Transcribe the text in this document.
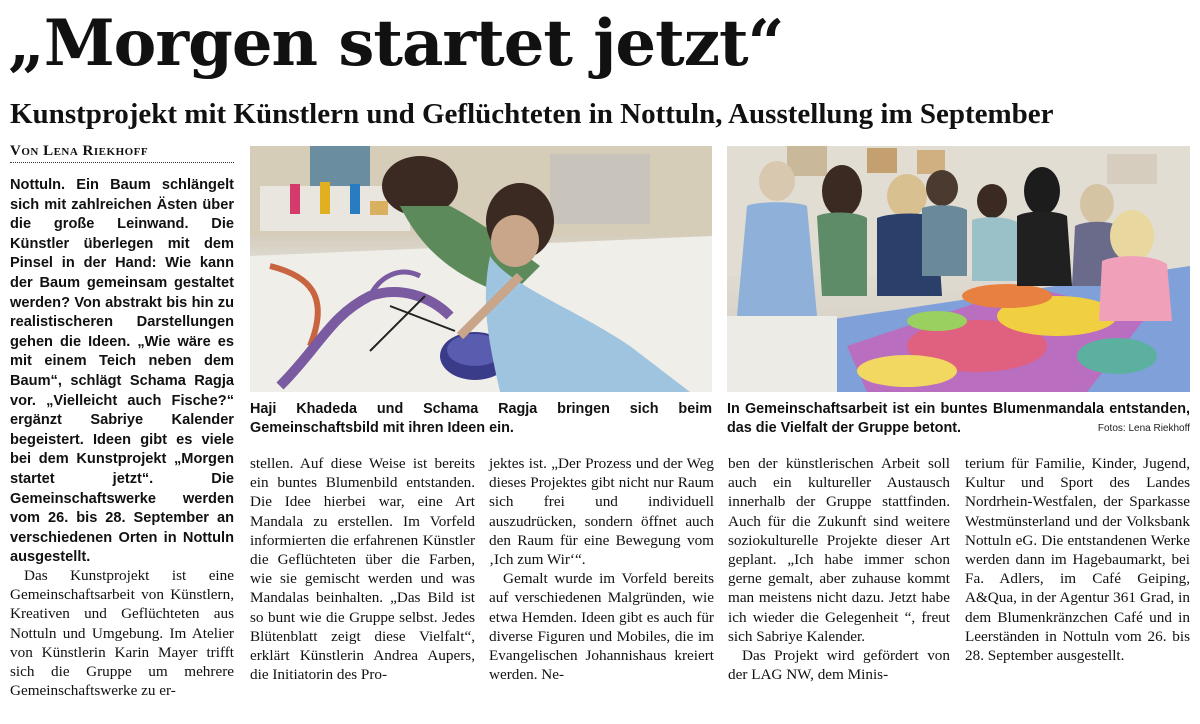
„Morgen startet jetzt“
Kunstprojekt mit Künstlern und Geflüchteten in Nottuln, Ausstellung im September
Von Lena Riekhoff
Nottuln. Ein Baum schlängelt sich mit zahlreichen Ästen über die große Leinwand. Die Künstler überlegen mit dem Pinsel in der Hand: Wie kann der Baum gemeinsam gestaltet werden? Von abstrakt bis hin zu realistischeren Darstellungen gehen die Ideen. „Wie wäre es mit einem Teich neben dem Baum“, schlägt Schama Ragja vor. „Vielleicht auch Fische?“ ergänzt Sabriye Kalender begeistert. Ideen gibt es viele bei dem Kunstprojekt „Morgen startet jetzt“. Die Gemeinschaftswerke werden vom 26. bis 28. September an verschiedenen Orten in Nottuln ausgestellt.

Das Kunstprojekt ist eine Gemeinschaftsarbeit von Künstlern, Kreativen und Geflüchteten aus Nottuln und Umgebung. Im Atelier von Künstlerin Karin Mayer trifft sich die Gruppe um mehrere Gemeinschaftswerke zu er-

Haji Khadeda und Schama Ragja bringen sich beim Gemeinschaftsbild mit ihren Ideen ein.
In Gemeinschaftsarbeit ist ein buntes Blumenmandala entstanden, das die Vielfalt der Gruppe betont.	Fotos: Lena Riekhoff

stellen. Auf diese Weise ist bereits ein buntes Blumenbild entstanden. Die Idee hierbei war, eine Art Mandala zu erstellen. Im Vorfeld informierten die erfahrenen Künstler die Geflüchteten über die Farben, wie sie gemischt werden und was Mandalas beinhalten. „Das Bild ist so bunt wie die Gruppe selbst. Jedes Blütenblatt zeigt diese Vielfalt“, erklärt Künstlerin Andrea Aupers, die Initiatorin des Pro-

jektes ist. „Der Prozess und der Weg dieses Projektes gibt nicht nur Raum sich frei und individuell auszudrücken, sondern öffnet auch den Raum für eine Bewegung vom ‚Ich zum Wir‘“.

Gemalt wurde im Vorfeld bereits auf verschiedenen Malgründen, wie etwa Hemden. Ideen gibt es auch für diverse Figuren und Mobiles, die im Evangelischen Johannishaus kreiert werden. Ne-

ben der künstlerischen Arbeit soll auch ein kultureller Austausch innerhalb der Gruppe stattfinden. Auch für die Zukunft sind weitere soziokulturelle Projekte dieser Art geplant. „Ich habe immer schon gerne gemalt, aber zuhause kommt man meistens nicht dazu. Jetzt habe ich wieder die Gelegenheit “, freut sich Sabriye Kalender.

Das Projekt wird gefördert von der LAG NW, dem Minis-

terium für Familie, Kinder, Jugend, Kultur und Sport des Landes Nordrhein-Westfalen, der Sparkasse Westmünsterland und der Volksbank Nottuln eG. Die entstandenen Werke werden dann im Hagebaumarkt, bei Fa. Adlers, im Café Geiping, A&Qua, in der Agentur 361 Grad, in dem Blumenkränzchen Café und in Leerständen in Nottuln vom 26. bis 28. September ausgestellt.
